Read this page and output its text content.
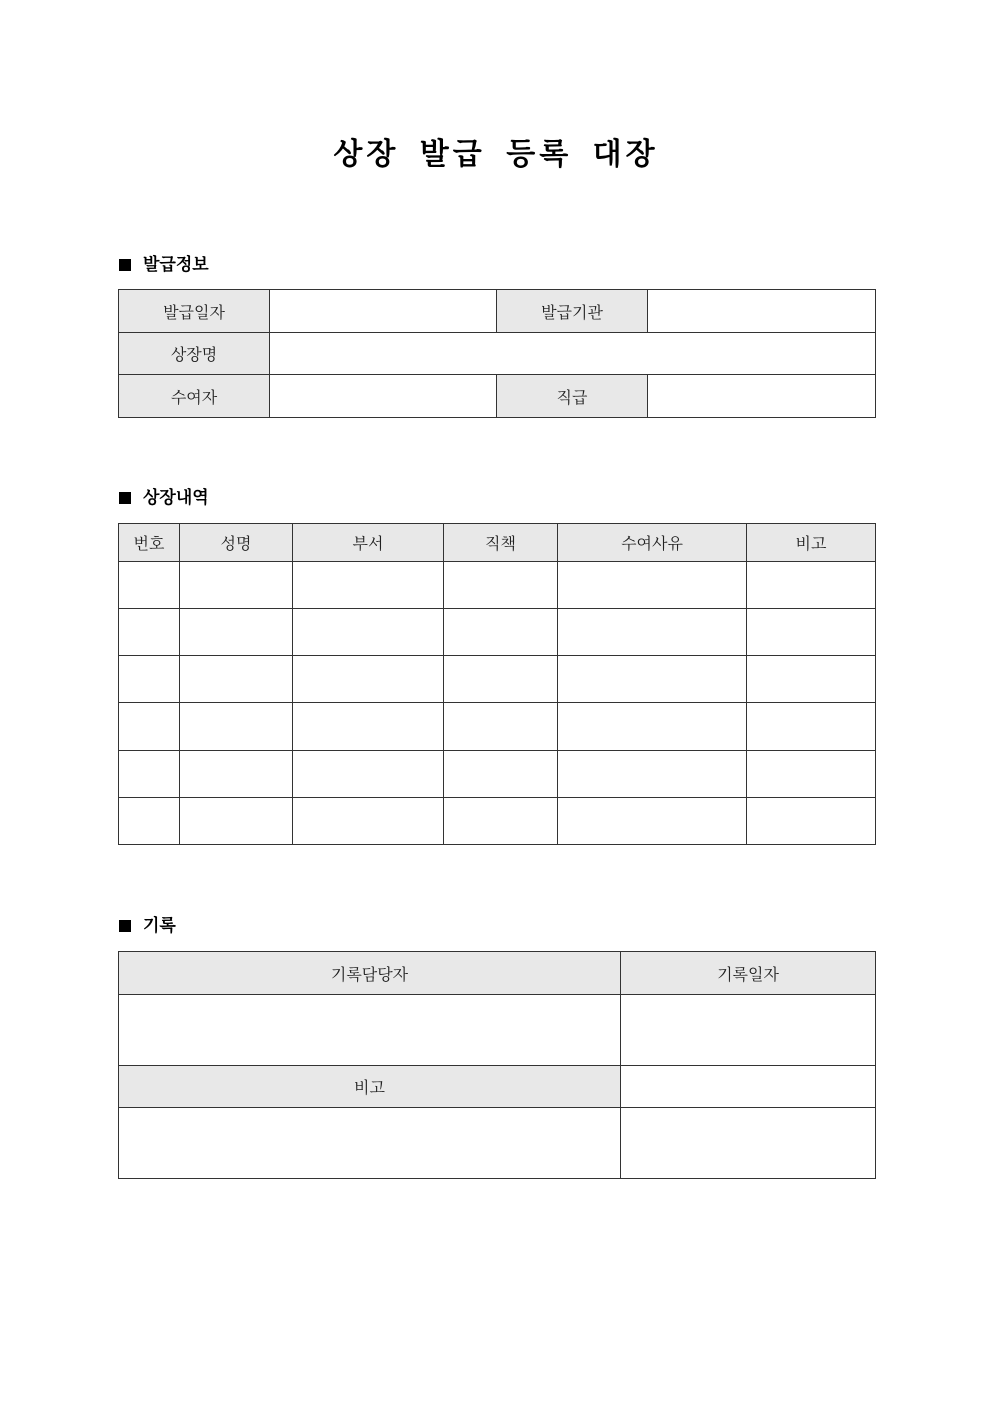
상장 발급 등록 대장
발급정보
발급일자		발급기관	
상장명			
수여자		직급	
상장내역
번호	성명	부서	직책	수여사유	비고

기록
기록담당자	기록일자

비고	
